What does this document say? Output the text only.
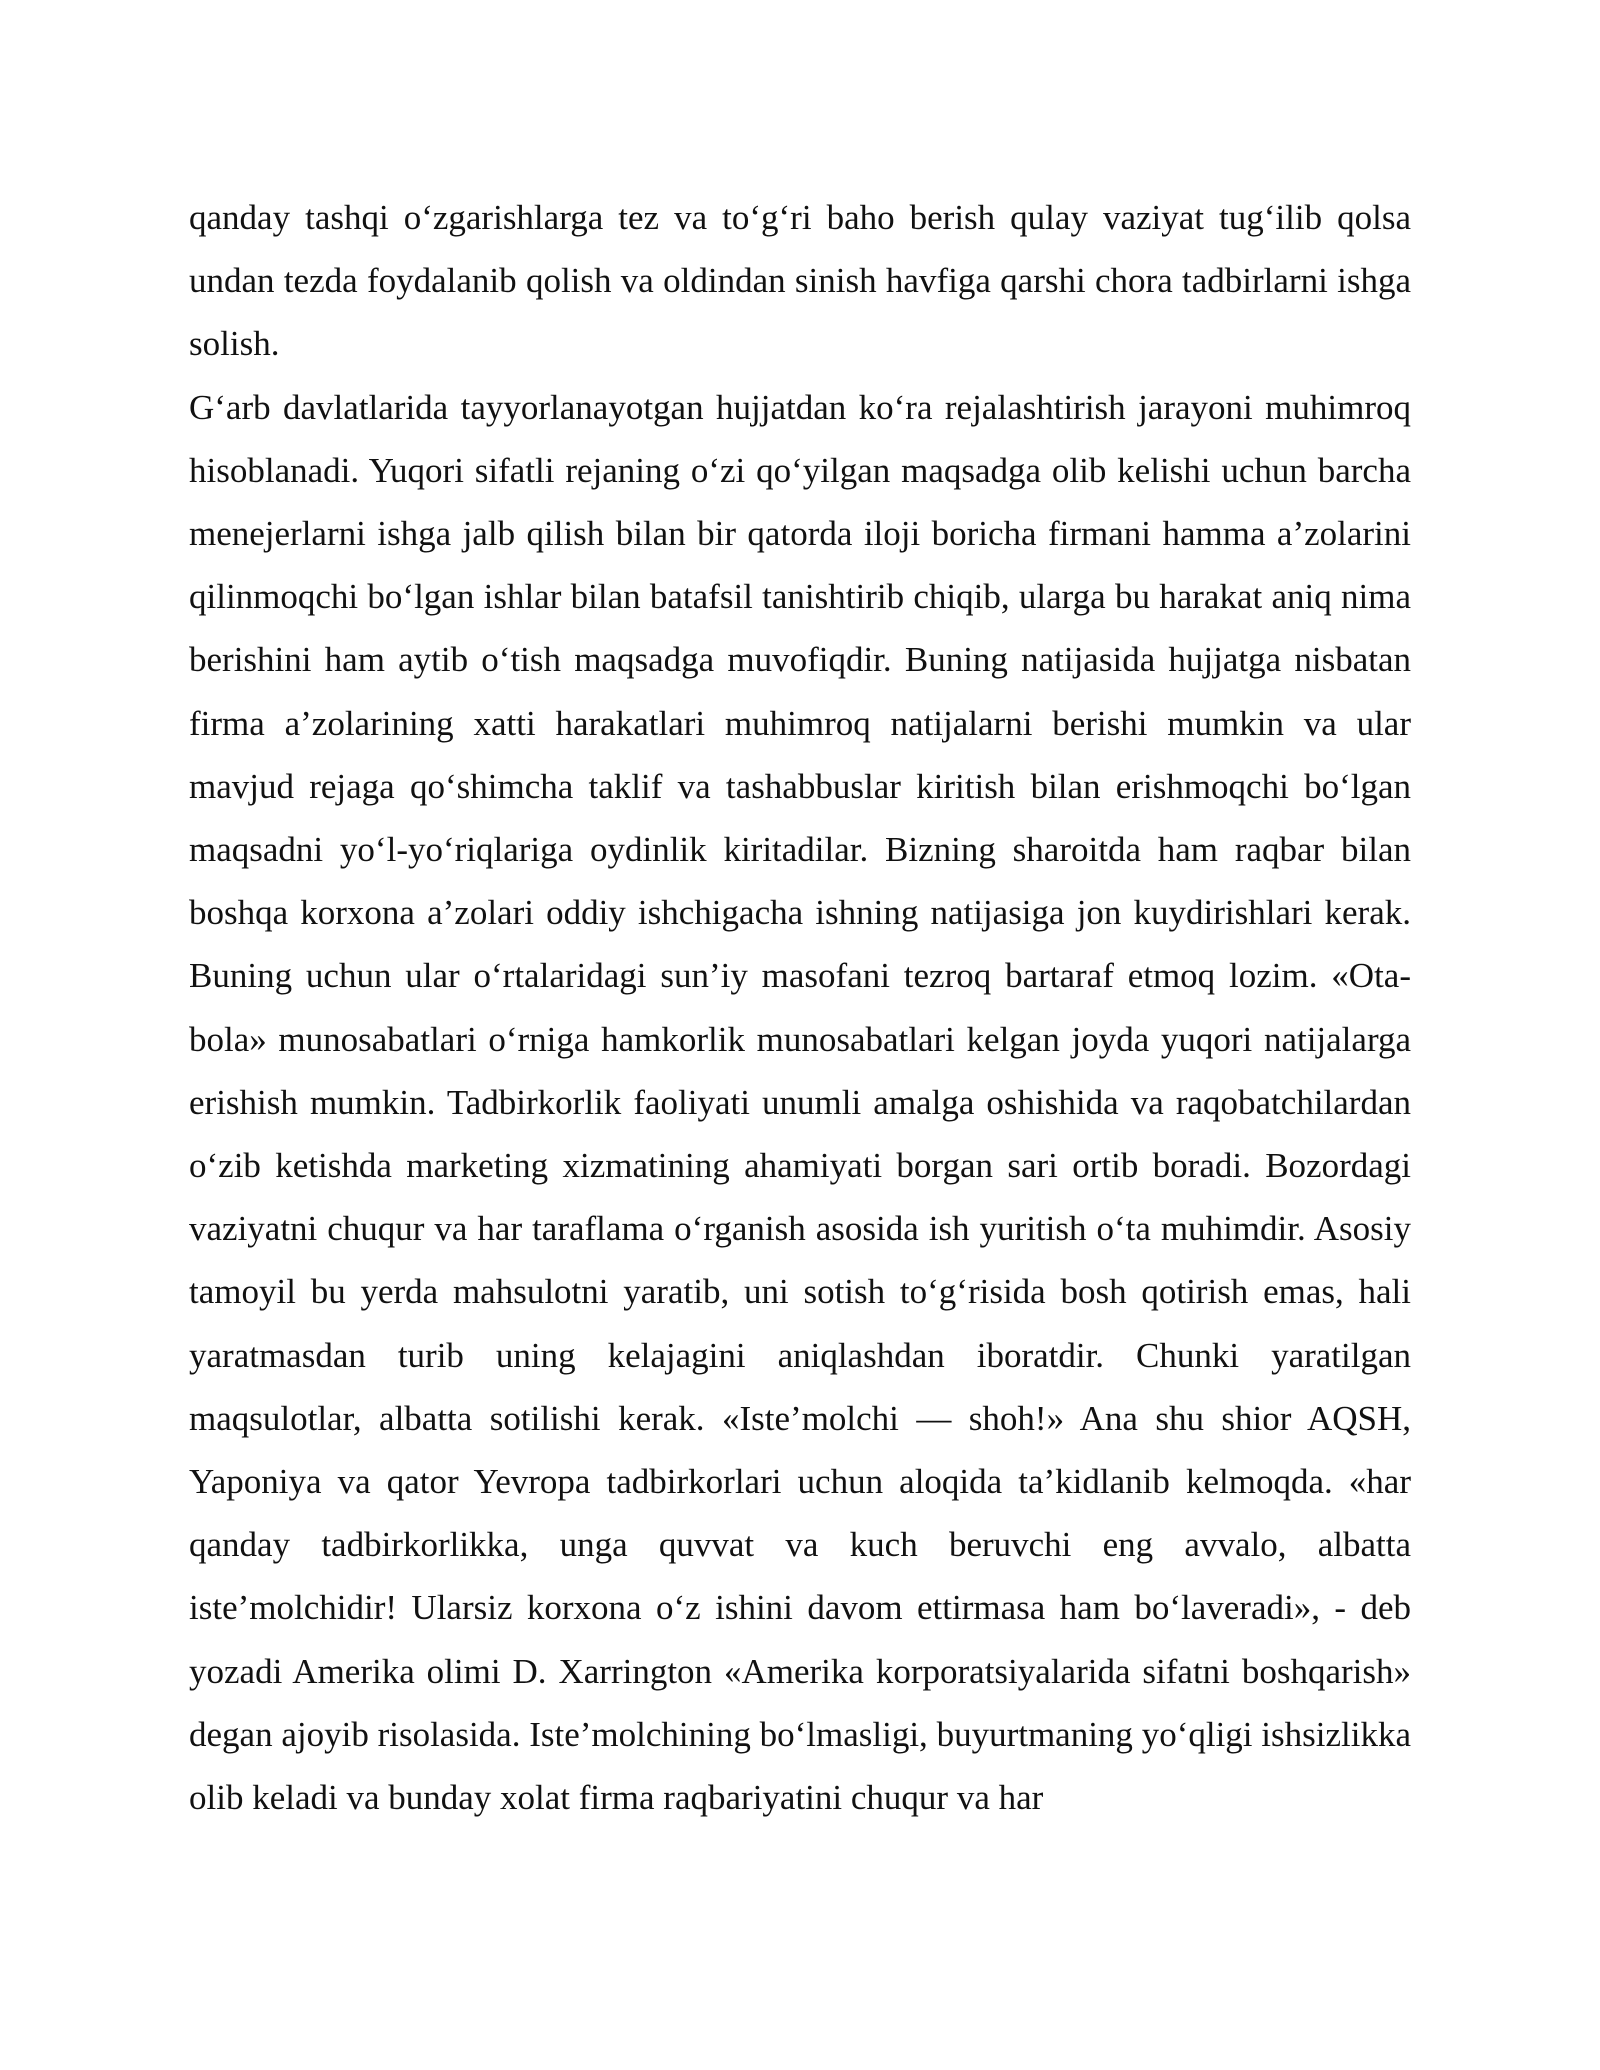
qanday tashqi o‘zgarishlarga tez va to‘g‘ri baho berish qulay vaziyat tug‘ilib qolsa undan tezda foydalanib qolish va oldindan sinish havfiga qarshi chora tadbirlarni ishga solish.

G‘arb davlatlarida tayyorlanayotgan hujjatdan ko‘ra rejalashtirish jarayoni muhimroq hisoblanadi. Yuqori sifatli rejaning o‘zi qo‘yilgan maqsadga olib kelishi uchun barcha menejerlarni ishga jalb qilish bilan bir qatorda iloji boricha firmani hamma a’zolarini qilinmoqchi bo‘lgan ishlar bilan batafsil tanishtirib chiqib, ularga bu harakat aniq nima berishini ham aytib o‘tish maqsadga muvofiqdir. Buning natijasida hujjatga nisbatan firma a’zolarining xatti harakatlari muhimroq natijalarni berishi mumkin va ular mavjud rejaga qo‘shimcha taklif va tashabbuslar kiritish bilan erishmoqchi bo‘lgan maqsadni yo‘l-yo‘riqlariga oydinlik kiritadilar. Bizning sharoitda ham raqbar bilan boshqa korxona a’zolari oddiy ishchigacha ishning natijasiga jon kuydirishlari kerak. Buning uchun ular o‘rtalaridagi sun’iy masofani tezroq bartaraf etmoq lozim. «Ota-bola» munosabatlari o‘rniga hamkorlik munosabatlari kelgan joyda yuqori natijalarga erishish mumkin. Tadbirkorlik faoliyati unumli amalga oshishida va raqobatchilardan o‘zib ketishda marketing xizmatining ahamiyati borgan sari ortib boradi. Bozordagi vaziyatni chuqur va har taraflama o‘rganish asosida ish yuritish o‘ta muhimdir. Asosiy tamoyil bu yerda mahsulotni yaratib, uni sotish to‘g‘risida bosh qotirish emas, hali yaratmasdan turib uning kelajagini aniqlashdan iboratdir. Chunki yaratilgan maqsulotlar, albatta sotilishi kerak. «Iste’molchi — shoh!» Ana shu shior AQSH, Yaponiya va qator Yevropa tadbirkorlari uchun aloqida ta’kidlanib kelmoqda. «har qanday tadbirkorlikka, unga quvvat va kuch beruvchi eng avvalo, albatta iste’molchidir! Ularsiz korxona o‘z ishini davom ettirmasa ham bo‘laveradi», - deb yozadi Amerika olimi D. Xarrington «Amerika korporatsiyalarida sifatni boshqarish» degan ajoyib risolasida. Iste’molchining bo‘lmasligi, buyurtmaning yo‘qligi ishsizlikka olib keladi va bunday xolat firma raqbariyatini chuqur va har
